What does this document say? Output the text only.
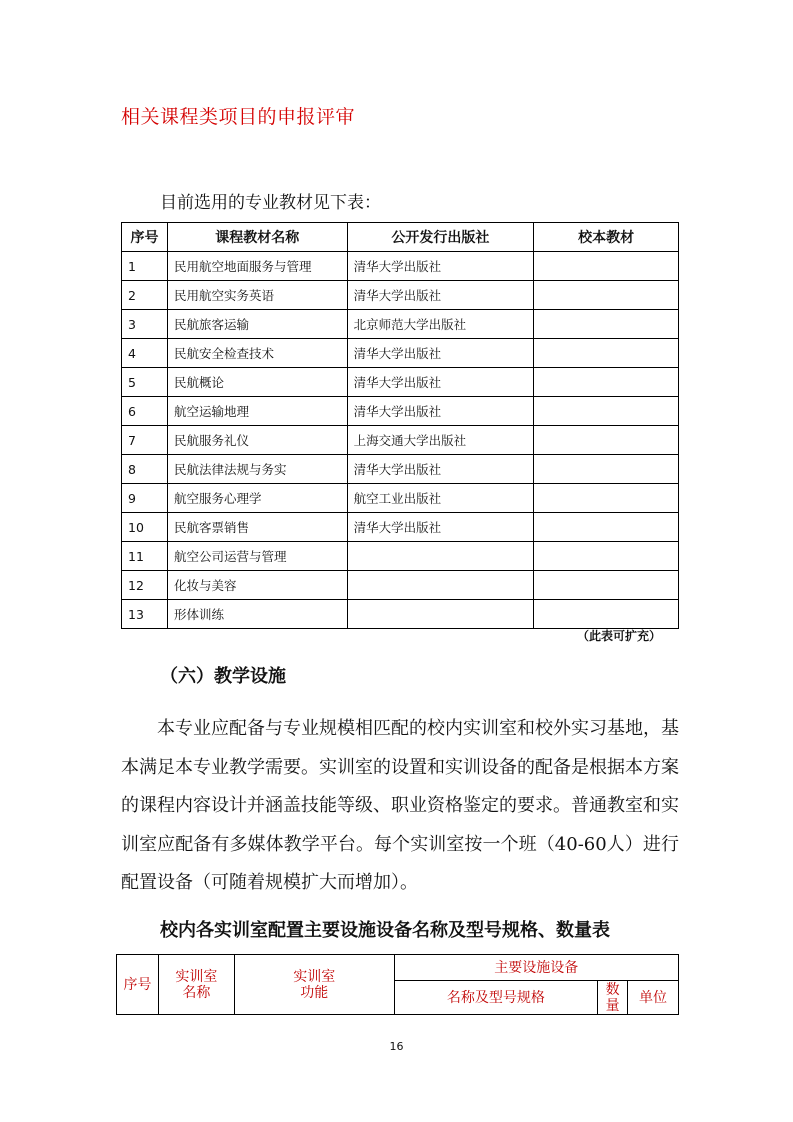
相关课程类项目的申报评审
目前选用的专业教材见下表：
序号	课程教材名称	公开发行出版社	校本教材
1	民用航空地面服务与管理	清华大学出版社	
2	民用航空实务英语	清华大学出版社	
3	民航旅客运输	北京师范大学出版社	
4	民航安全检查技术	清华大学出版社	
5	民航概论	清华大学出版社	
6	航空运输地理	清华大学出版社	
7	民航服务礼仪	上海交通大学出版社	
8	民航法律法规与务实	清华大学出版社	
9	航空服务心理学	航空工业出版社	
10	民航客票销售	清华大学出版社	
11	航空公司运营与管理		
12	化妆与美容		
13	形体训练		
（此表可扩充）
（六）教学设施
本专业应配备与专业规模相匹配的校内实训室和校外实习基地，基本满足本专业教学需要。实训室的设置和实训设备的配备是根据本方案的课程内容设计并涵盖技能等级、职业资格鉴定的要求。普通教室和实训室应配备有多媒体教学平台。每个实训室按一个班（40-60人）进行配置设备（可随着规模扩大而增加）。
校内各实训室配置主要设施设备名称及型号规格、数量表
序号	实训室名称	实训室功能	主要设施设备		
			名称及型号规格	数量	单位
16
